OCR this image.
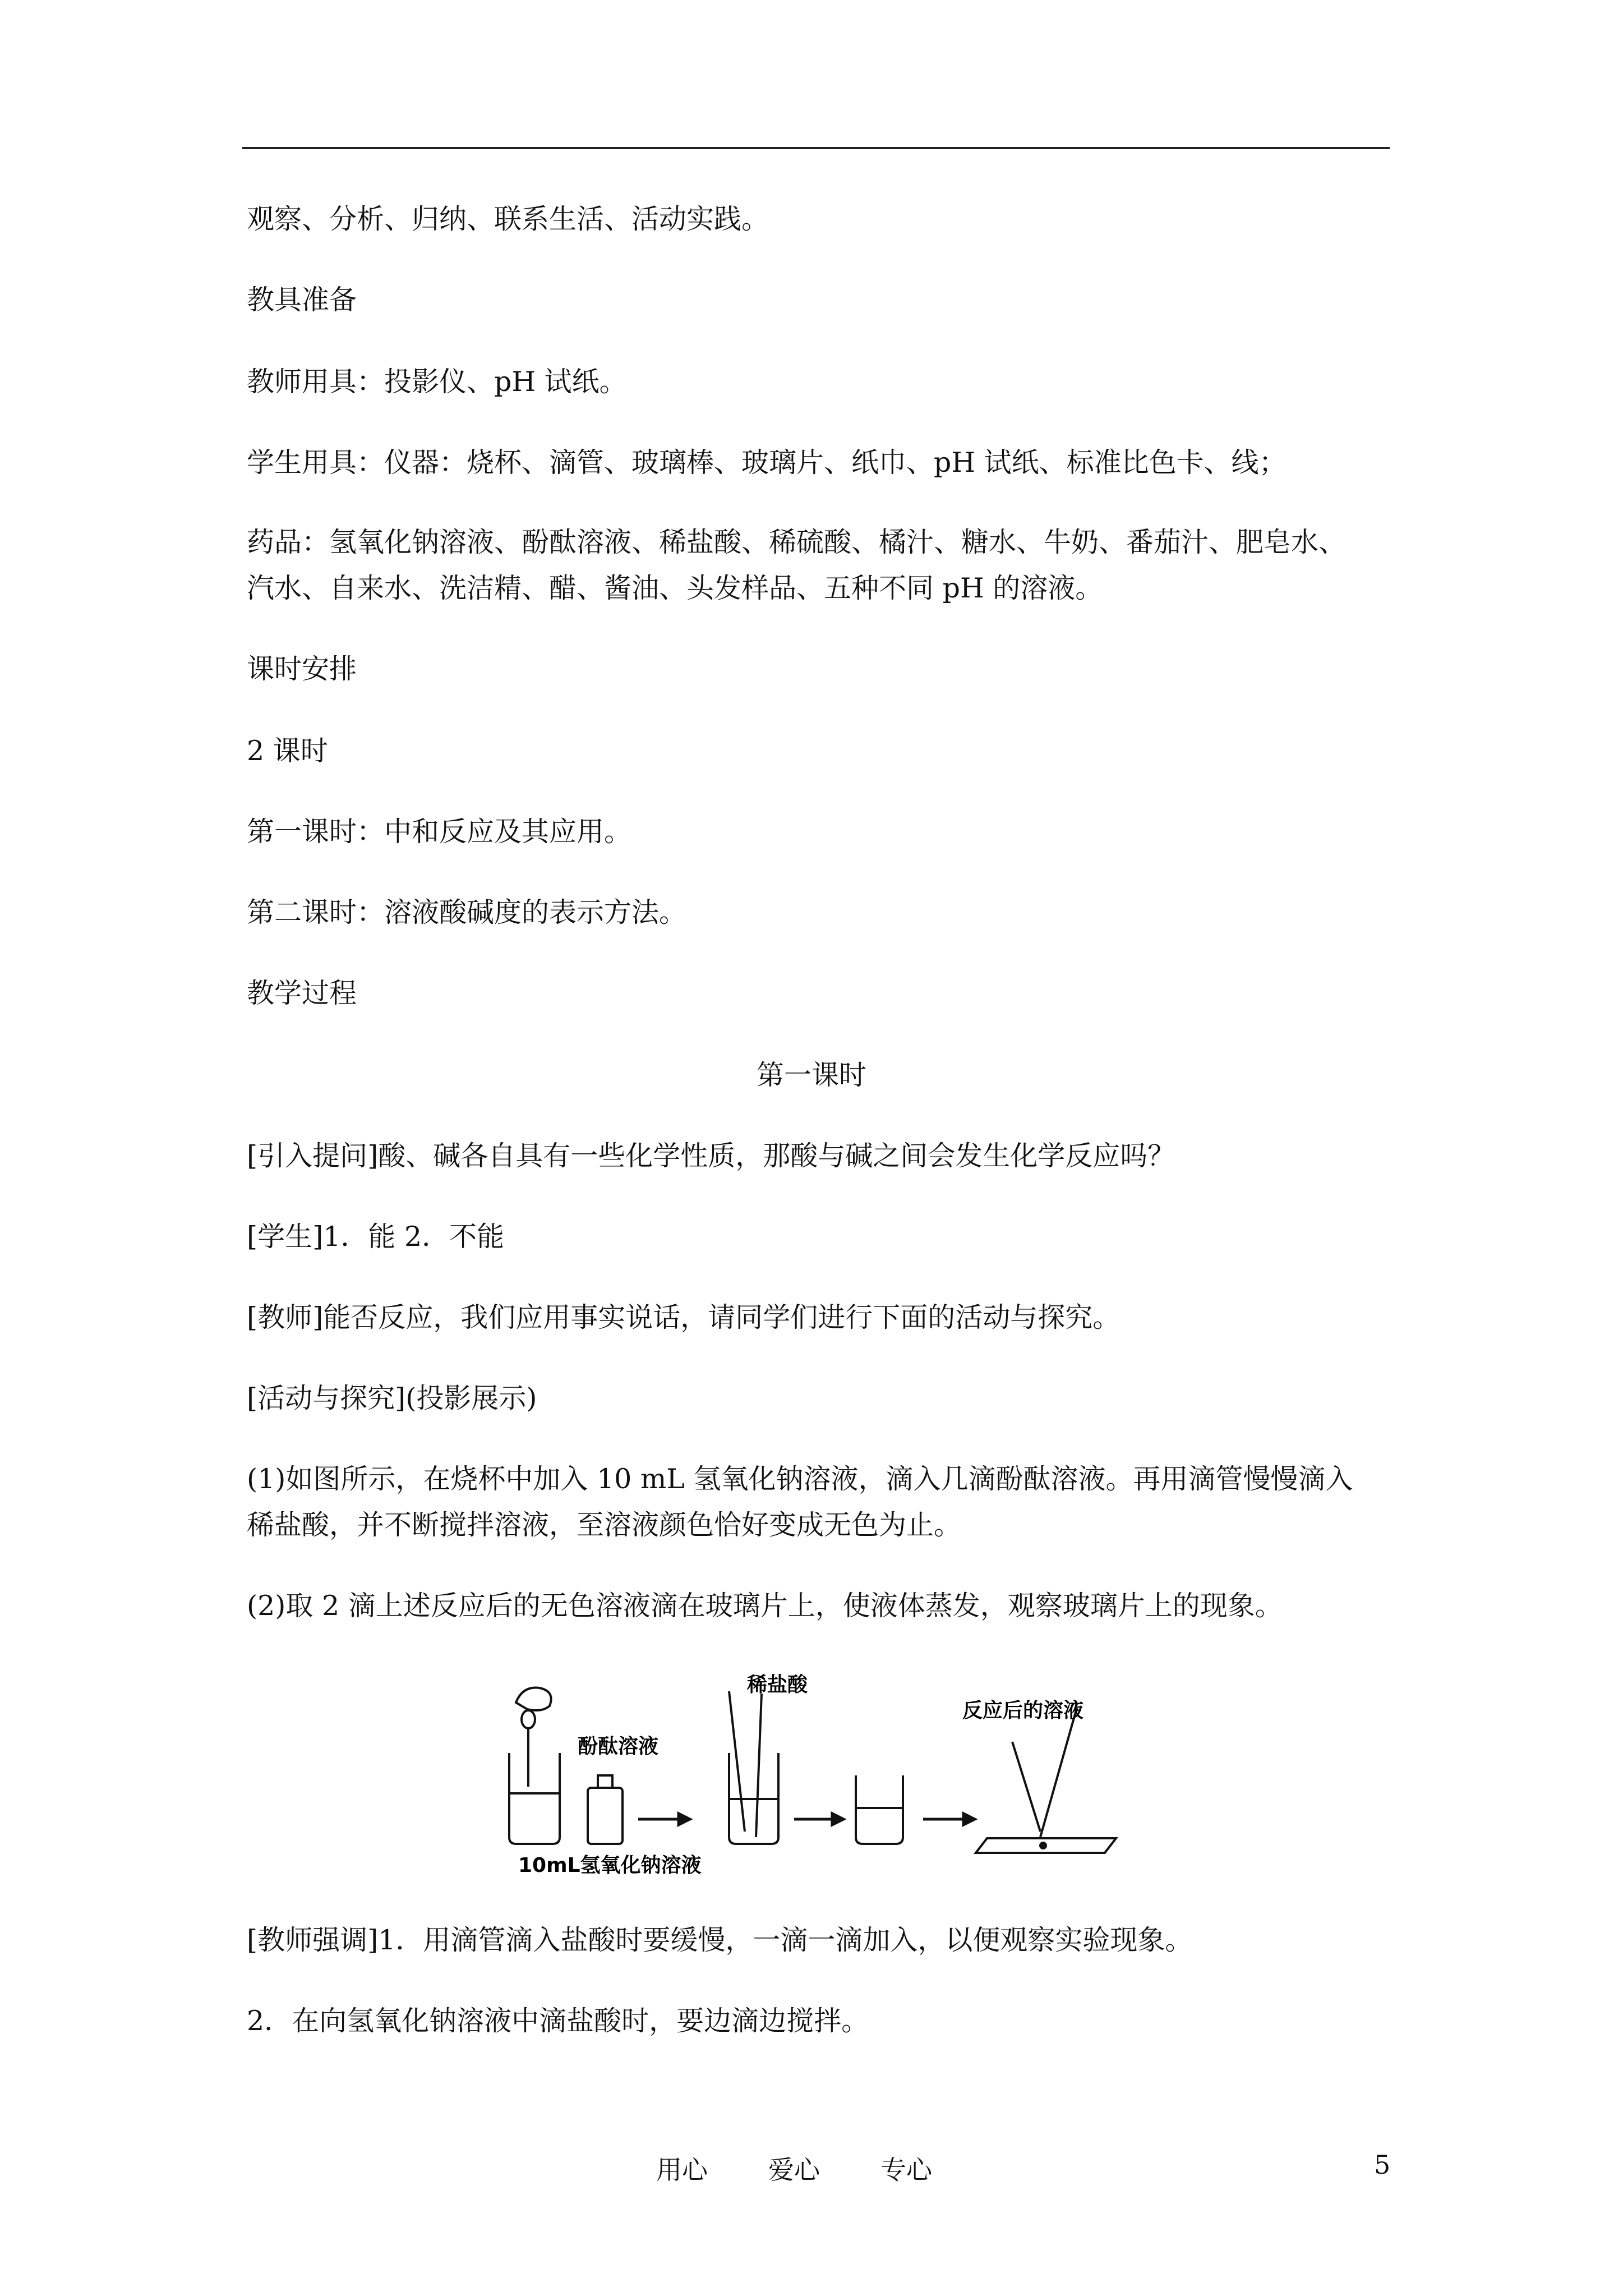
观察、分析、归纳、联系生活、活动实践。

教具准备

教师用具：投影仪、pH 试纸。

学生用具：仪器：烧杯、滴管、玻璃棒、玻璃片、纸巾、pH 试纸、标准比色卡、线；

药品：氢氧化钠溶液、酚酞溶液、稀盐酸、稀硫酸、橘汁、糖水、牛奶、番茄汁、肥皂水、

汽水、自来水、洗洁精、醋、酱油、头发样品、五种不同 pH 的溶液。

课时安排

2 课时

第一课时：中和反应及其应用。

第二课时：溶液酸碱度的表示方法。

教学过程

第一课时

[引入提问]酸、碱各自具有一些化学性质，那酸与碱之间会发生化学反应吗？

[学生]1．能 2．不能

[教师]能否反应，我们应用事实说话，请同学们进行下面的活动与探究。

[活动与探究](投影展示)

(1)如图所示，在烧杯中加入 10 mL 氢氧化钠溶液，滴入几滴酚酞溶液。再用滴管慢慢滴入

稀盐酸，并不断搅拌溶液，至溶液颜色恰好变成无色为止。

(2)取 2 滴上述反应后的无色溶液滴在玻璃片上，使液体蒸发，观察玻璃片上的现象。

酚酞溶液
10mL氢氧化钠溶液
稀盐酸
反应后的溶液

[教师强调]1．用滴管滴入盐酸时要缓慢，一滴一滴加入，以便观察实验现象。

2．在向氢氧化钠溶液中滴盐酸时，要边滴边搅拌。

用心 爱心 专心	5
